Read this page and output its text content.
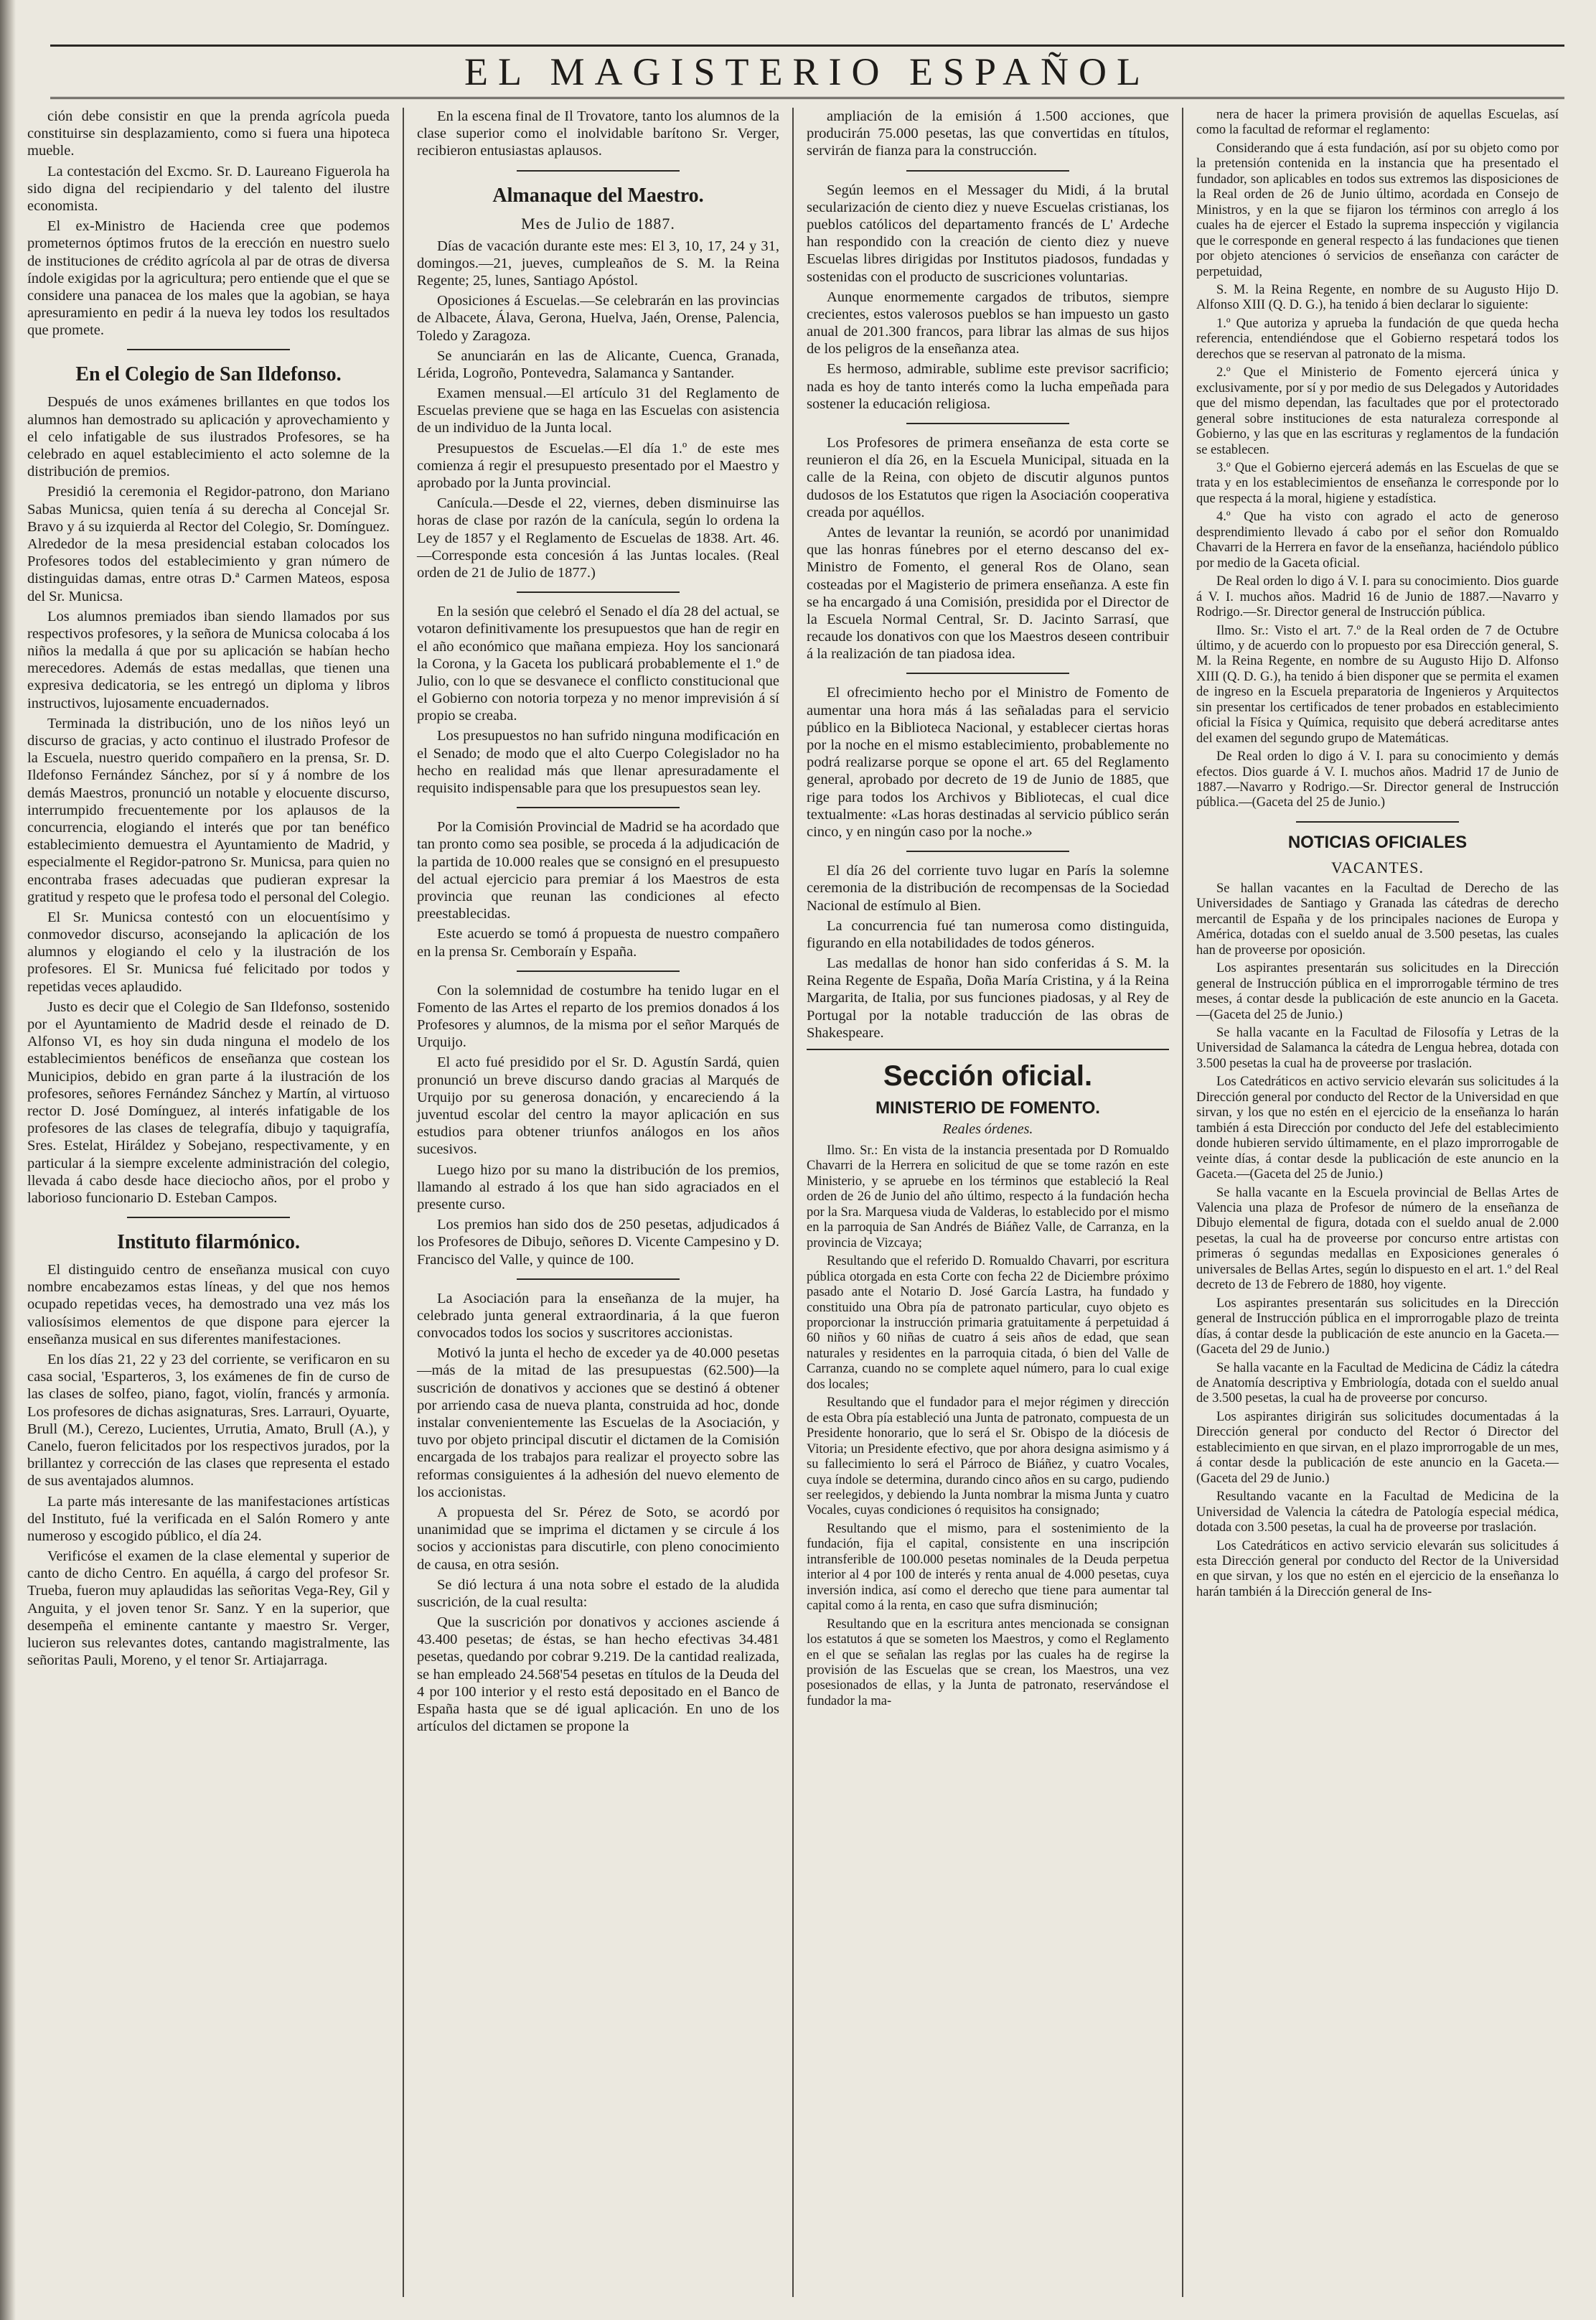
EL MAGISTERIO ESPAÑOL

ción debe consistir en que la prenda agrícola pueda constituirse sin desplazamiento, como si fuera una hipoteca mueble.

La contestación del Excmo. Sr. D. Laureano Figuerola ha sido digna del recipiendario y del talento del ilustre economista.

El ex-Ministro de Hacienda cree que podemos prometernos óptimos frutos de la erección en nuestro suelo de instituciones de crédito agrícola al par de otras de diversa índole exigidas por la agricultura; pero entiende que el que se considere una panacea de los males que la agobian, se haya apresuramiento en pedir á la nueva ley todos los resultados que promete.

En el Colegio de San Ildefonso.

Después de unos exámenes brillantes en que todos los alumnos han demostrado su aplicación y aprovechamiento y el celo infatigable de sus ilustrados Profesores, se ha celebrado en aquel establecimiento el acto solemne de la distribución de premios.

Presidió la ceremonia el Regidor-patrono, don Mariano Sabas Municsa, quien tenía á su derecha al Concejal Sr. Bravo y á su izquierda al Rector del Colegio, Sr. Domínguez. Alrededor de la mesa presidencial estaban colocados los Profesores todos del establecimiento y gran número de distinguidas damas, entre otras D.ª Carmen Mateos, esposa del Sr. Municsa.

Los alumnos premiados iban siendo llamados por sus respectivos profesores, y la señora de Municsa colocaba á los niños la medalla á que por su aplicación se habían hecho merecedores. Además de estas medallas, que tienen una expresiva dedicatoria, se les entregó un diploma y libros instructivos, lujosamente encuadernados.

Terminada la distribución, uno de los niños leyó un discurso de gracias, y acto continuo el ilustrado Profesor de la Escuela, nuestro querido compañero en la prensa, Sr. D. Ildefonso Fernández Sánchez, por sí y á nombre de los demás Maestros, pronunció un notable y elocuente discurso, interrumpido frecuentemente por los aplausos de la concurrencia, elogiando el interés que por tan benéfico establecimiento demuestra el Ayuntamiento de Madrid, y especialmente el Regidor-patrono Sr. Municsa, para quien no encontraba frases adecuadas que pudieran expresar la gratitud y respeto que le profesa todo el personal del Colegio.

El Sr. Municsa contestó con un elocuentísimo y conmovedor discurso, aconsejando la aplicación de los alumnos y elogiando el celo y la ilustración de los profesores. El Sr. Municsa fué felicitado por todos y repetidas veces aplaudido.

Justo es decir que el Colegio de San Ildefonso, sostenido por el Ayuntamiento de Madrid desde el reinado de D. Alfonso VI, es hoy sin duda ninguna el modelo de los establecimientos benéficos de enseñanza que costean los Municipios, debido en gran parte á la ilustración de los profesores, señores Fernández Sánchez y Martín, al virtuoso rector D. José Domínguez, al interés infatigable de los profesores de las clases de telegrafía, dibujo y taquigrafía, Sres. Estelat, Hiráldez y Sobejano, respectivamente, y en particular á la siempre excelente administración del colegio, llevada á cabo desde hace dieciocho años, por el probo y laborioso funcionario D. Esteban Campos.

Instituto filarmónico.

El distinguido centro de enseñanza musical con cuyo nombre encabezamos estas líneas, y del que nos hemos ocupado repetidas veces, ha demostrado una vez más los valiosísimos elementos de que dispone para ejercer la enseñanza musical en sus diferentes manifestaciones.

En los días 21, 22 y 23 del corriente, se verificaron en su casa social, 'Esparteros, 3, los exámenes de fin de curso de las clases de solfeo, piano, fagot, violín, francés y armonía. Los profesores de dichas asignaturas, Sres. Larrauri, Oyuarte, Brull (M.), Cerezo, Lucientes, Urrutia, Amato, Brull (A.), y Canelo, fueron felicitados por los respectivos jurados, por la brillantez y corrección de las clases que representa el estado de sus aventajados alumnos.

La parte más interesante de las manifestaciones artísticas del Instituto, fué la verificada en el Salón Romero y ante numeroso y escogido público, el día 24.

Verificóse el examen de la clase elemental y superior de canto de dicho Centro. En aquélla, á cargo del profesor Sr. Trueba, fueron muy aplaudidas las señoritas Vega-Rey, Gil y Anguita, y el joven tenor Sr. Sanz. Y en la superior, que desempeña el eminente cantante y maestro Sr. Verger, lucieron sus relevantes dotes, cantando magistralmente, las señoritas Pauli, Moreno, y el tenor Sr. Artiajarraga.

En la escena final de Il Trovatore, tanto los alumnos de la clase superior como el inolvidable barítono Sr. Verger, recibieron entusiastas aplausos.

Almanaque del Maestro.
Mes de Julio de 1887.

Días de vacación durante este mes: El 3, 10, 17, 24 y 31, domingos.—21, jueves, cumpleaños de S. M. la Reina Regente; 25, lunes, Santiago Apóstol.

Oposiciones á Escuelas.—Se celebrarán en las provincias de Albacete, Álava, Gerona, Huelva, Jaén, Orense, Palencia, Toledo y Zaragoza.

Se anunciarán en las de Alicante, Cuenca, Granada, Lérida, Logroño, Pontevedra, Salamanca y Santander.

Examen mensual.—El artículo 31 del Reglamento de Escuelas previene que se haga en las Escuelas con asistencia de un individuo de la Junta local.

Presupuestos de Escuelas.—El día 1.º de este mes comienza á regir el presupuesto presentado por el Maestro y aprobado por la Junta provincial.

Canícula.—Desde el 22, viernes, deben disminuirse las horas de clase por razón de la canícula, según lo ordena la Ley de 1857 y el Reglamento de Escuelas de 1838. Art. 46.—Corresponde esta concesión á las Juntas locales. (Real orden de 21 de Julio de 1877.)

En la sesión que celebró el Senado el día 28 del actual, se votaron definitivamente los presupuestos que han de regir en el año económico que mañana empieza. Hoy los sancionará la Corona, y la Gaceta los publicará probablemente el 1.º de Julio, con lo que se desvanece el conflicto constitucional que el Gobierno con notoria torpeza y no menor imprevisión á sí propio se creaba.

Los presupuestos no han sufrido ninguna modificación en el Senado; de modo que el alto Cuerpo Colegislador no ha hecho en realidad más que llenar apresuradamente el requisito indispensable para que los presupuestos sean ley.

Por la Comisión Provincial de Madrid se ha acordado que tan pronto como sea posible, se proceda á la adjudicación de la partida de 10.000 reales que se consignó en el presupuesto del actual ejercicio para premiar á los Maestros de esta provincia que reunan las condiciones al efecto preestablecidas.

Este acuerdo se tomó á propuesta de nuestro compañero en la prensa Sr. Cemboraín y España.

Con la solemnidad de costumbre ha tenido lugar en el Fomento de las Artes el reparto de los premios donados á los Profesores y alumnos, de la misma por el señor Marqués de Urquijo.

El acto fué presidido por el Sr. D. Agustín Sardá, quien pronunció un breve discurso dando gracias al Marqués de Urquijo por su generosa donación, y encareciendo á la juventud escolar del centro la mayor aplicación en sus estudios para obtener triunfos análogos en los años sucesivos.

Luego hizo por su mano la distribución de los premios, llamando al estrado á los que han sido agraciados en el presente curso.

Los premios han sido dos de 250 pesetas, adjudicados á los Profesores de Dibujo, señores D. Vicente Campesino y D. Francisco del Valle, y quince de 100.

La Asociación para la enseñanza de la mujer, ha celebrado junta general extraordinaria, á la que fueron convocados todos los socios y suscritores accionistas.

Motivó la junta el hecho de exceder ya de 40.000 pesetas—más de la mitad de las presupuestas (62.500)—la suscrición de donativos y acciones que se destinó á obtener por arriendo casa de nueva planta, construida ad hoc, donde instalar convenientemente las Escuelas de la Asociación, y tuvo por objeto principal discutir el dictamen de la Comisión encargada de los trabajos para realizar el proyecto sobre las reformas consiguientes á la adhesión del nuevo elemento de los accionistas.

A propuesta del Sr. Pérez de Soto, se acordó por unanimidad que se imprima el dictamen y se circule á los socios y accionistas para discutirle, con pleno conocimiento de causa, en otra sesión.

Se dió lectura á una nota sobre el estado de la aludida suscrición, de la cual resulta:

Que la suscrición por donativos y acciones asciende á 43.400 pesetas; de éstas, se han hecho efectivas 34.481 pesetas, quedando por cobrar 9.219. De la cantidad realizada, se han empleado 24.568'54 pesetas en títulos de la Deuda del 4 por 100 interior y el resto está depositado en el Banco de España hasta que se dé igual aplicación. En uno de los artículos del dictamen se propone la

ampliación de la emisión á 1.500 acciones, que producirán 75.000 pesetas, las que convertidas en títulos, servirán de fianza para la construcción.

Según leemos en el Messager du Midi, á la brutal secularización de ciento diez y nueve Escuelas cristianas, los pueblos católicos del departamento francés de L' Ardeche han respondido con la creación de ciento diez y nueve Escuelas libres dirigidas por Institutos piadosos, fundadas y sostenidas con el producto de suscriciones voluntarias.

Aunque enormemente cargados de tributos, siempre crecientes, estos valerosos pueblos se han impuesto un gasto anual de 201.300 francos, para librar las almas de sus hijos de los peligros de la enseñanza atea.

Es hermoso, admirable, sublime este previsor sacrificio; nada es hoy de tanto interés como la lucha empeñada para sostener la educación religiosa.

Los Profesores de primera enseñanza de esta corte se reunieron el día 26, en la Escuela Municipal, situada en la calle de la Reina, con objeto de discutir algunos puntos dudosos de los Estatutos que rigen la Asociación cooperativa creada por aquéllos.

Antes de levantar la reunión, se acordó por unanimidad que las honras fúnebres por el eterno descanso del ex-Ministro de Fomento, el general Ros de Olano, sean costeadas por el Magisterio de primera enseñanza. A este fin se ha encargado á una Comisión, presidida por el Director de la Escuela Normal Central, Sr. D. Jacinto Sarrasí, que recaude los donativos con que los Maestros deseen contribuir á la realización de tan piadosa idea.

El ofrecimiento hecho por el Ministro de Fomento de aumentar una hora más á las señaladas para el servicio público en la Biblioteca Nacional, y establecer ciertas horas por la noche en el mismo establecimiento, probablemente no podrá realizarse porque se opone el art. 65 del Reglamento general, aprobado por decreto de 19 de Junio de 1885, que rige para todos los Archivos y Bibliotecas, el cual dice textualmente: «Las horas destinadas al servicio público serán cinco, y en ningún caso por la noche.»

El día 26 del corriente tuvo lugar en París la solemne ceremonia de la distribución de recompensas de la Sociedad Nacional de estímulo al Bien.

La concurrencia fué tan numerosa como distinguida, figurando en ella notabilidades de todos géneros.

Las medallas de honor han sido conferidas á S. M. la Reina Regente de España, Doña María Cristina, y á la Reina Margarita, de Italia, por sus funciones piadosas, y al Rey de Portugal por la notable traducción de las obras de Shakespeare.

Sección oficial.
MINISTERIO DE FOMENTO.
Reales órdenes.

Ilmo. Sr.: En vista de la instancia presentada por D Romualdo Chavarri de la Herrera en solicitud de que se tome razón en este Ministerio, y se apruebe en los términos que estableció la Real orden de 26 de Junio del año último, respecto á la fundación hecha por la Sra. Marquesa viuda de Valderas, lo establecido por el mismo en la parroquia de San Andrés de Biáñez Valle, de Carranza, en la provincia de Vizcaya;

Resultando que el referido D. Romualdo Chavarri, por escritura pública otorgada en esta Corte con fecha 22 de Diciembre próximo pasado ante el Notario D. José García Lastra, ha fundado y constituido una Obra pía de patronato particular, cuyo objeto es proporcionar la instrucción primaria gratuitamente á perpetuidad á 60 niños y 60 niñas de cuatro á seis años de edad, que sean naturales y residentes en la parroquia citada, ó bien del Valle de Carranza, cuando no se complete aquel número, para lo cual exige dos locales;

Resultando que el fundador para el mejor régimen y dirección de esta Obra pía estableció una Junta de patronato, compuesta de un Presidente honorario, que lo será el Sr. Obispo de la diócesis de Vitoria; un Presidente efectivo, que por ahora designa asimismo y á su fallecimiento lo será el Párroco de Biáñez, y cuatro Vocales, cuya índole se determina, durando cinco años en su cargo, pudiendo ser reelegidos, y debiendo la Junta nombrar la misma Junta y cuatro Vocales, cuyas condiciones ó requisitos ha consignado;

Resultando que el mismo, para el sostenimiento de la fundación, fija el capital, consistente en una inscripción intransferible de 100.000 pesetas nominales de la Deuda perpetua interior al 4 por 100 de interés y renta anual de 4.000 pesetas, cuya inversión indica, así como el derecho que tiene para aumentar tal capital como á la renta, en caso que sufra disminución;

Resultando que en la escritura antes mencionada se consignan los estatutos á que se someten los Maestros, y como el Reglamento en el que se señalan las reglas por las cuales ha de regirse la provisión de las Escuelas que se crean, los Maestros, una vez posesionados de ellas, y la Junta de patronato, reservándose el fundador la ma-

nera de hacer la primera provisión de aquellas Escuelas, así como la facultad de reformar el reglamento:

Considerando que á esta fundación, así por su objeto como por la pretensión contenida en la instancia que ha presentado el fundador, son aplicables en todos sus extremos las disposiciones de la Real orden de 26 de Junio último, acordada en Consejo de Ministros, y en la que se fijaron los términos con arreglo á los cuales ha de ejercer el Estado la suprema inspección y vigilancia que le corresponde en general respecto á las fundaciones que tienen por objeto atenciones ó servicios de enseñanza con carácter de perpetuidad,

S. M. la Reina Regente, en nombre de su Augusto Hijo D. Alfonso XIII (Q. D. G.), ha tenido á bien declarar lo siguiente:

1.º Que autoriza y aprueba la fundación de que queda hecha referencia, entendiéndose que el Gobierno respetará todos los derechos que se reservan al patronato de la misma.

2.º Que el Ministerio de Fomento ejercerá única y exclusivamente, por sí y por medio de sus Delegados y Autoridades que del mismo dependan, las facultades que por el protectorado general sobre instituciones de esta naturaleza corresponde al Gobierno, y las que en las escrituras y reglamentos de la fundación se establecen.

3.º Que el Gobierno ejercerá además en las Escuelas de que se trata y en los establecimientos de enseñanza le corresponde por lo que respecta á la moral, higiene y estadística.

4.º Que ha visto con agrado el acto de generoso desprendimiento llevado á cabo por el señor don Romualdo Chavarri de la Herrera en favor de la enseñanza, haciéndolo público por medio de la Gaceta oficial.

De Real orden lo digo á V. I. para su conocimiento. Dios guarde á V. I. muchos años. Madrid 16 de Junio de 1887.—Navarro y Rodrigo.—Sr. Director general de Instrucción pública.

Ilmo. Sr.: Visto el art. 7.º de la Real orden de 7 de Octubre último, y de acuerdo con lo propuesto por esa Dirección general, S. M. la Reina Regente, en nombre de su Augusto Hijo D. Alfonso XIII (Q. D. G.), ha tenido á bien disponer que se permita el examen de ingreso en la Escuela preparatoria de Ingenieros y Arquitectos sin presentar los certificados de tener probados en establecimiento oficial la Física y Química, requisito que deberá acreditarse antes del examen del segundo grupo de Matemáticas.

De Real orden lo digo á V. I. para su conocimiento y demás efectos. Dios guarde á V. I. muchos años. Madrid 17 de Junio de 1887.—Navarro y Rodrigo.—Sr. Director general de Instrucción pública.—(Gaceta del 25 de Junio.)

NOTICIAS OFICIALES
VACANTES.

Se hallan vacantes en la Facultad de Derecho de las Universidades de Santiago y Granada las cátedras de derecho mercantil de España y de los principales naciones de Europa y América, dotadas con el sueldo anual de 3.500 pesetas, las cuales han de proveerse por oposición.

Los aspirantes presentarán sus solicitudes en la Dirección general de Instrucción pública en el improrrogable término de tres meses, á contar desde la publicación de este anuncio en la Gaceta.—(Gaceta del 25 de Junio.)

Se halla vacante en la Facultad de Filosofía y Letras de la Universidad de Salamanca la cátedra de Lengua hebrea, dotada con 3.500 pesetas la cual ha de proveerse por traslación.

Los Catedráticos en activo servicio elevarán sus solicitudes á la Dirección general por conducto del Rector de la Universidad en que sirvan, y los que no estén en el ejercicio de la enseñanza lo harán también á esta Dirección por conducto del Jefe del establecimiento donde hubieren servido últimamente, en el plazo improrrogable de veinte días, á contar desde la publicación de este anuncio en la Gaceta.—(Gaceta del 25 de Junio.)

Se halla vacante en la Escuela provincial de Bellas Artes de Valencia una plaza de Profesor de número de la enseñanza de Dibujo elemental de figura, dotada con el sueldo anual de 2.000 pesetas, la cual ha de proveerse por concurso entre artistas con primeras ó segundas medallas en Exposiciones generales ó universales de Bellas Artes, según lo dispuesto en el art. 1.º del Real decreto de 13 de Febrero de 1880, hoy vigente.

Los aspirantes presentarán sus solicitudes en la Dirección general de Instrucción pública en el improrrogable plazo de treinta días, á contar desde la publicación de este anuncio en la Gaceta.—(Gaceta del 29 de Junio.)

Se halla vacante en la Facultad de Medicina de Cádiz la cátedra de Anatomía descriptiva y Embriología, dotada con el sueldo anual de 3.500 pesetas, la cual ha de proveerse por concurso.

Los aspirantes dirigirán sus solicitudes documentadas á la Dirección general por conducto del Rector ó Director del establecimiento en que sirvan, en el plazo improrrogable de un mes, á contar desde la publicación de este anuncio en la Gaceta.—(Gaceta del 29 de Junio.)

Resultando vacante en la Facultad de Medicina de la Universidad de Valencia la cátedra de Patología especial médica, dotada con 3.500 pesetas, la cual ha de proveerse por traslación.

Los Catedráticos en activo servicio elevarán sus solicitudes á esta Dirección general por conducto del Rector de la Universidad en que sirvan, y los que no estén en el ejercicio de la enseñanza lo harán también á la Dirección general de Ins-
